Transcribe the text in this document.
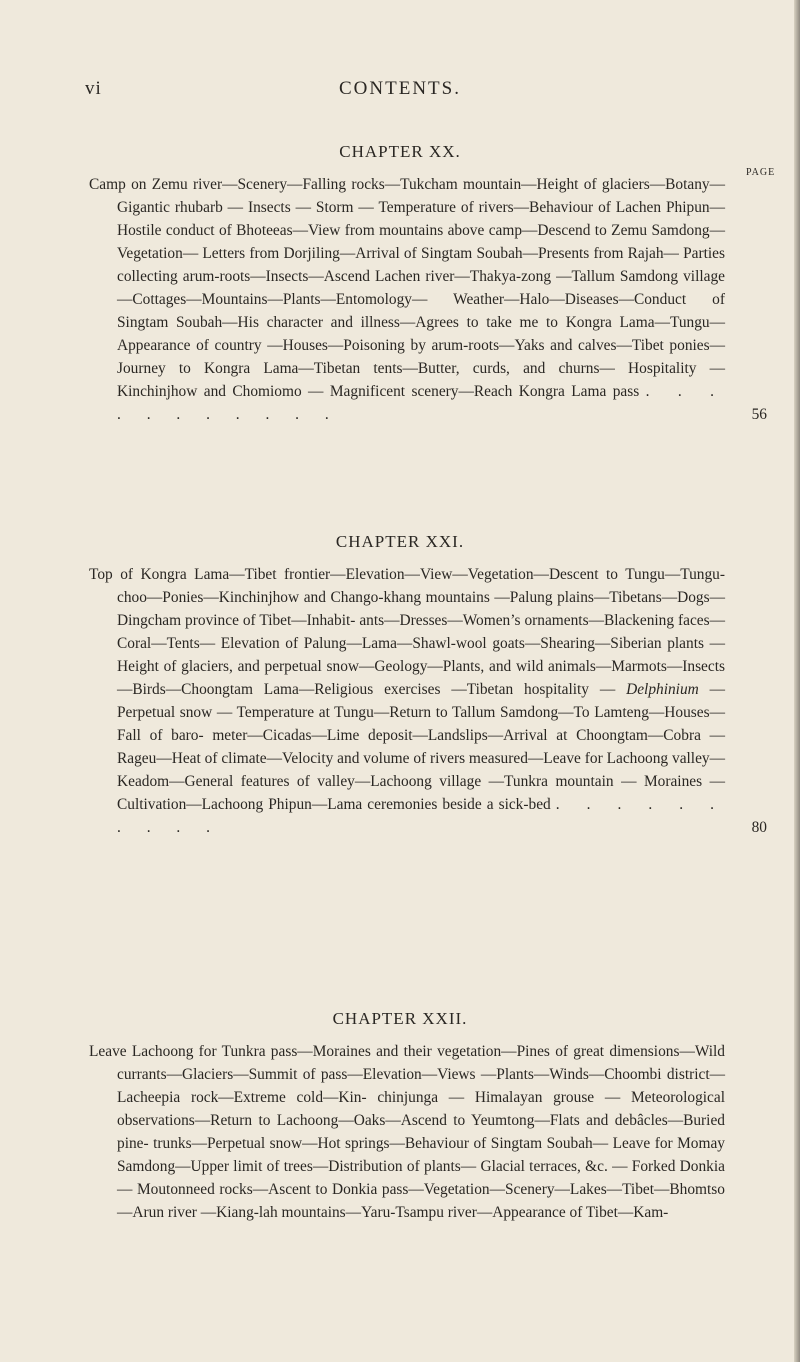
vi	CONTENTS.
PAGE
CHAPTER XX.
Camp on Zemu river—Scenery—Falling rocks—Tukcham mountain—Height of glaciers—Botany—Gigantic rhubarb — Insects — Storm — Temperature of rivers—Behaviour of Lachen Phipun—Hostile conduct of Bhoteeas—View from mountains above camp—Descend to Zemu Samdong—Vegetation— Letters from Dorjiling—Arrival of Singtam Soubah—Presents from Rajah— Parties collecting arum-roots—Insects—Ascend Lachen river—Thakya-zong —Tallum Samdong village—Cottages—Mountains—Plants—Entomology— Weather—Halo—Diseases—Conduct of Singtam Soubah—His character and illness—Agrees to take me to Kongra Lama—Tungu—Appearance of country —Houses—Poisoning by arum-roots—Yaks and calves—Tibet ponies— Journey to Kongra Lama—Tibetan tents—Butter, curds, and churns— Hospitality — Kinchinjhow and Chomiomo — Magnificent scenery—Reach Kongra Lama pass . . . . . . . . . . .	56
CHAPTER XXI.
Top of Kongra Lama—Tibet frontier—Elevation—View—Vegetation—Descent to Tungu—Tungu-choo—Ponies—Kinchinjhow and Chango-khang mountains —Palung plains—Tibetans—Dogs—Dingcham province of Tibet—Inhabit- ants—Dresses—Women’s ornaments—Blackening faces—Coral—Tents— Elevation of Palung—Lama—Shawl-wool goats—Shearing—Siberian plants —Height of glaciers, and perpetual snow—Geology—Plants, and wild animals—Marmots—Insects—Birds—Choongtam Lama—Religious exercises —Tibetan hospitality — Delphinium — Perpetual snow — Temperature at Tungu—Return to Tallum Samdong—To Lamteng—Houses—Fall of baro- meter—Cicadas—Lime deposit—Landslips—Arrival at Choongtam—Cobra —Rageu—Heat of climate—Velocity and volume of rivers measured—Leave for Lachoong valley—Keadom—General features of valley—Lachoong village —Tunkra mountain — Moraines — Cultivation—Lachoong Phipun—Lama ceremonies beside a sick-bed . . . . . . . . . .	80
CHAPTER XXII.
Leave Lachoong for Tunkra pass—Moraines and their vegetation—Pines of great dimensions—Wild currants—Glaciers—Summit of pass—Elevation—Views —Plants—Winds—Choombi district—Lacheepia rock—Extreme cold—Kin- chinjunga — Himalayan grouse — Meteorological observations—Return to Lachoong—Oaks—Ascend to Yeumtong—Flats and debâcles—Buried pine- trunks—Perpetual snow—Hot springs—Behaviour of Singtam Soubah— Leave for Momay Samdong—Upper limit of trees—Distribution of plants— Glacial terraces, &c. — Forked Donkia — Moutonneed rocks—Ascent to Donkia pass—Vegetation—Scenery—Lakes—Tibet—Bhomtso—Arun river —Kiang-lah mountains—Yaru-Tsampu river—Appearance of Tibet—Kam-
